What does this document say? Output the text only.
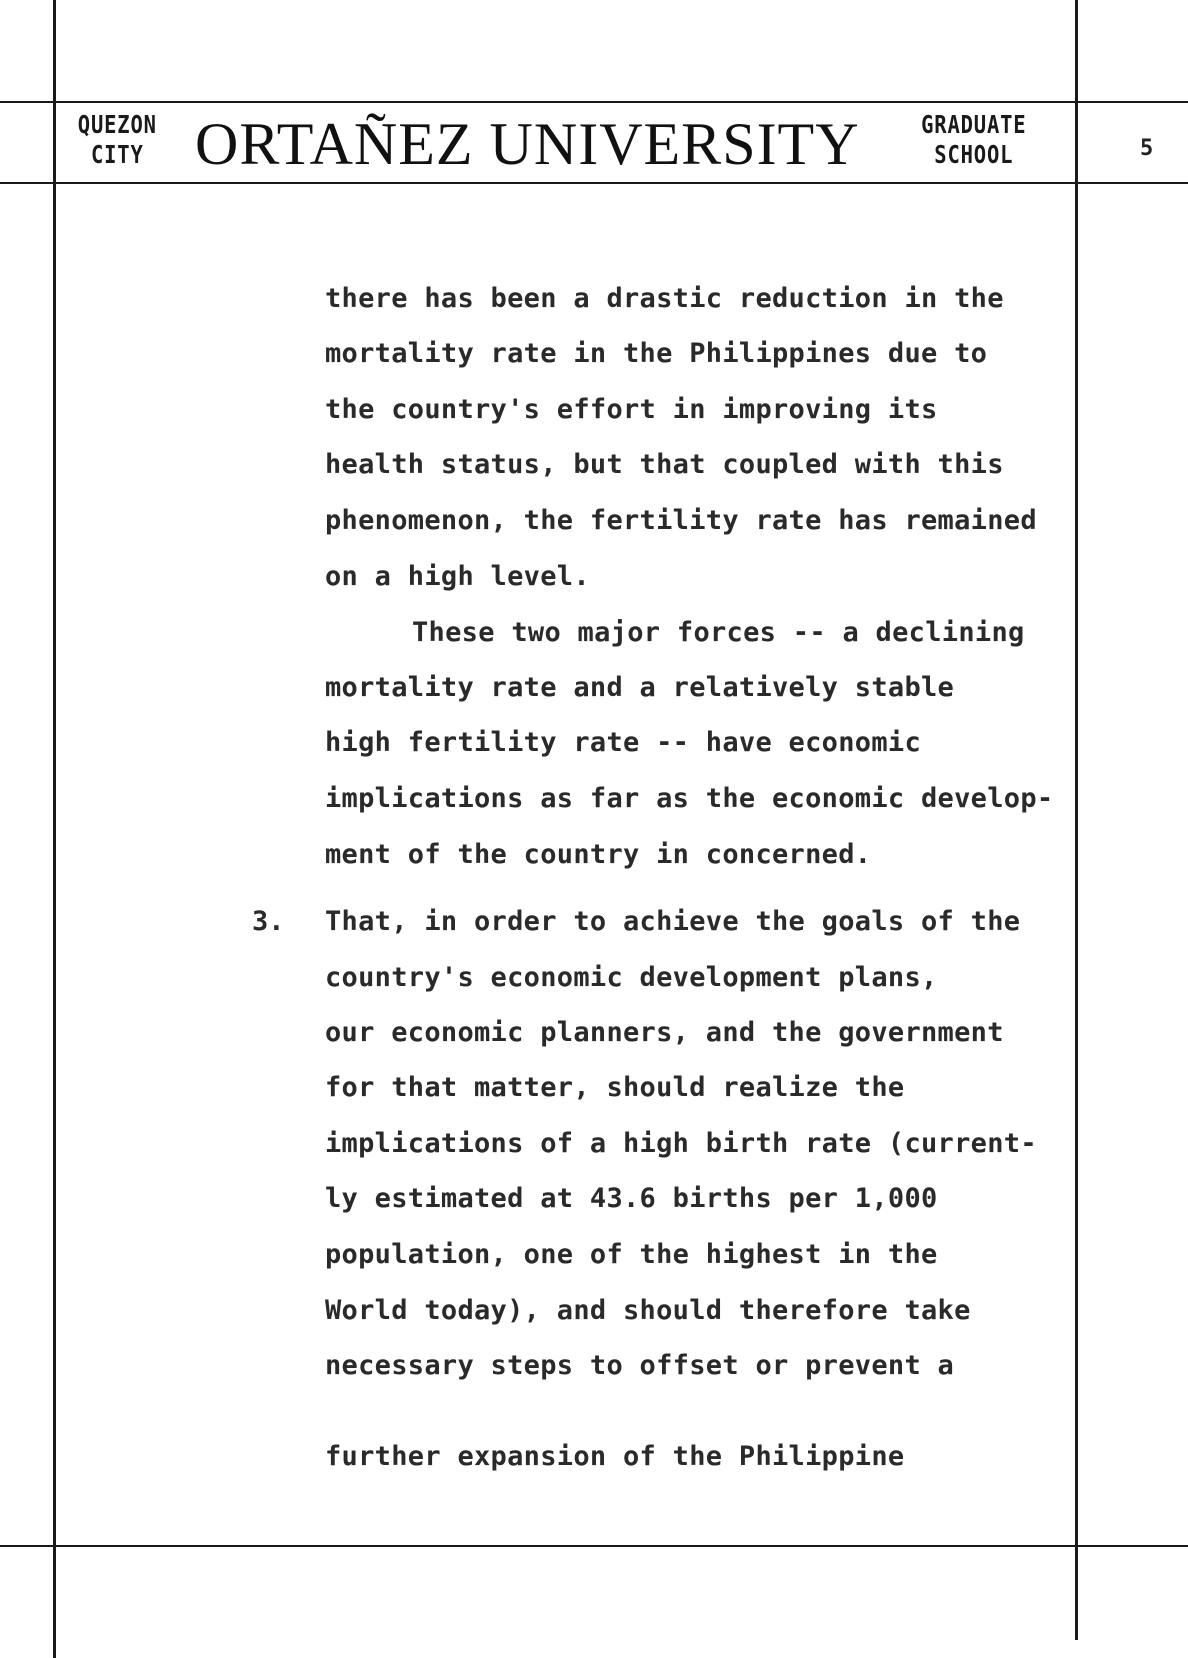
QUEZON
CITY ORTAÑEZ UNIVERSITY	GRADUATE
SCHOOL	5
there has been a drastic reduction in the
mortality rate in the Philippines due to
the country's effort in improving its
health status, but that coupled with this
phenomenon, the fertility rate has remained
on a high level.
These two major forces -- a declining
mortality rate and a relatively stable
high fertility rate -- have economic
implications as far as the economic develop-
ment of the country in concerned.
3. That, in order to achieve the goals of the
country's economic development plans,
our economic planners, and the government
for that matter, should realize the
implications of a high birth rate (current-
ly estimated at 43.6 births per 1,000
population, one of the highest in the
World today), and should therefore take
necessary steps to offset or prevent a
further expansion of the Philippine
